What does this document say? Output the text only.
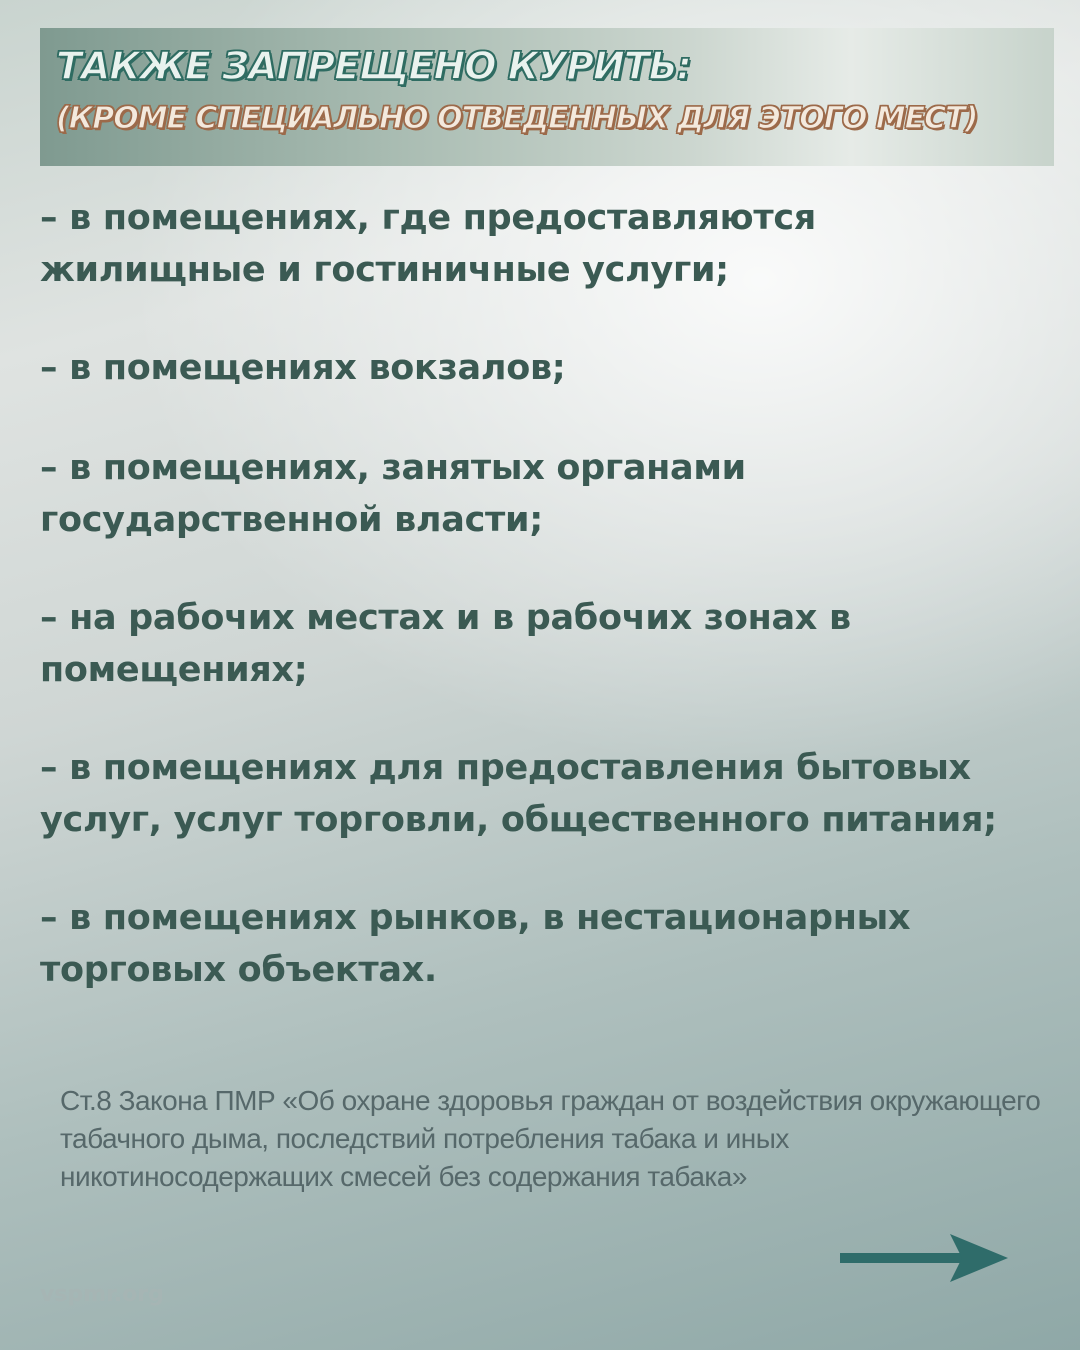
ТАКЖЕ ЗАПРЕЩЕНО КУРИТЬ:
(КРОМЕ СПЕЦИАЛЬНО ОТВЕДЕННЫХ ДЛЯ ЭТОГО МЕСТ)
– в помещениях, где предоставляются жилищные и гостиничные услуги;
– в помещениях вокзалов;
– в помещениях, занятых органами государственной власти;
– на рабочих местах и в рабочих зонах в помещениях;
– в помещениях для предоставления бытовых услуг, услуг торговли, общественного питания;
– в помещениях рынков, в нестационарных торговых объектах.
Ст.8 Закона ПМР «Об охране здоровья граждан от воздействия окружающего табачного дыма, последствий потребления табака и иных никотиносодержащих смесей без содержания табака»
vspmr.org
